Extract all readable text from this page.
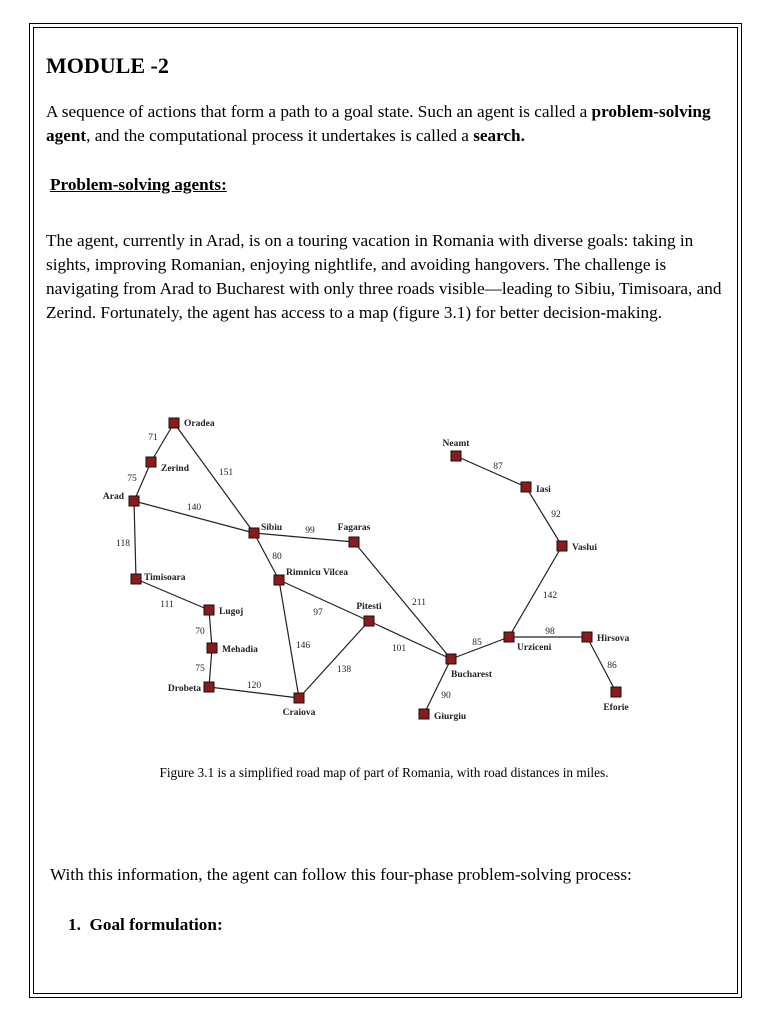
MODULE -2
A sequence of actions that form a path to a goal state. Such an agent is called a problem-solving agent, and the computational process it undertakes is called a search.
Problem-solving agents:
The agent, currently in Arad, is on a touring vacation in Romania with diverse goals: taking in sights, improving Romanian, enjoying nightlife, and avoiding hangovers. The challenge is navigating from Arad to Bucharest with only three roads visible—leading to Sibiu, Timisoara, and Zerind. Fortunately, the agent has access to a map (figure 3.1) for better decision-making.
71
75
151
140
118
111
70
75
120
99
80
97
146
138
211
101
90
85
98
86
142
92
87
Oradea
Zerind
Arad
Timisoara
Lugoj
Mehadia
Drobeta
Craiova
Sibiu
Rimnicu Vilcea
Fagaras
Pitesti
Bucharest
Giurgiu
Urziceni
Hirsova
Eforie
Vaslui
Iasi
Neamt
Figure 3.1 is a simplified road map of part of Romania, with road distances in miles.
With this information, the agent can follow this four-phase problem-solving process:
1. Goal formulation:
